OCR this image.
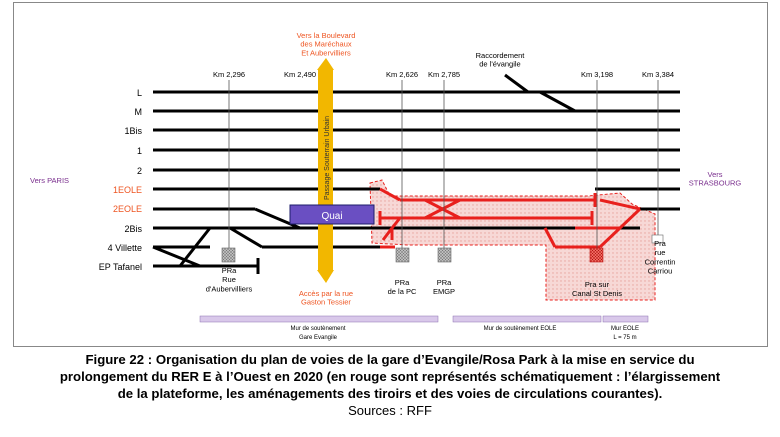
L
M
1Bis
1
2
1EOLE
2EOLE
2Bis
4 Villette
EP Tafanel
Km 2,296	Km 2,490	Km 2,626 Km 2,785	Km 3,198	Km 3,384
Vers PARIS
Vers STRASBOURG
Vers la Boulevard des Maréchaux Et Aubervilliers	Raccordement de l'évangile
Passage Souterrain Urbain
Quai
Accès par la rue Gaston Tessier
PRa Rue d'Aubervilliers
PRa de la PC
PRa EMGP
Pra sur Canal St Denis
Pra rue Correntin Carriou
Mur de soutènement Gare Evangile
Mur de soutènement EOLE	Mur EOLE L = 75 m
Figure 22 : Organisation du plan de voies de la gare d’Evangile/Rosa Park à la mise en service du
prolongement du RER E à l’Ouest en 2020 (en rouge sont représentés schématiquement : l’élargissement
de la plateforme, les aménagements des tiroirs et des voies de circulations courantes).
Sources : RFF
